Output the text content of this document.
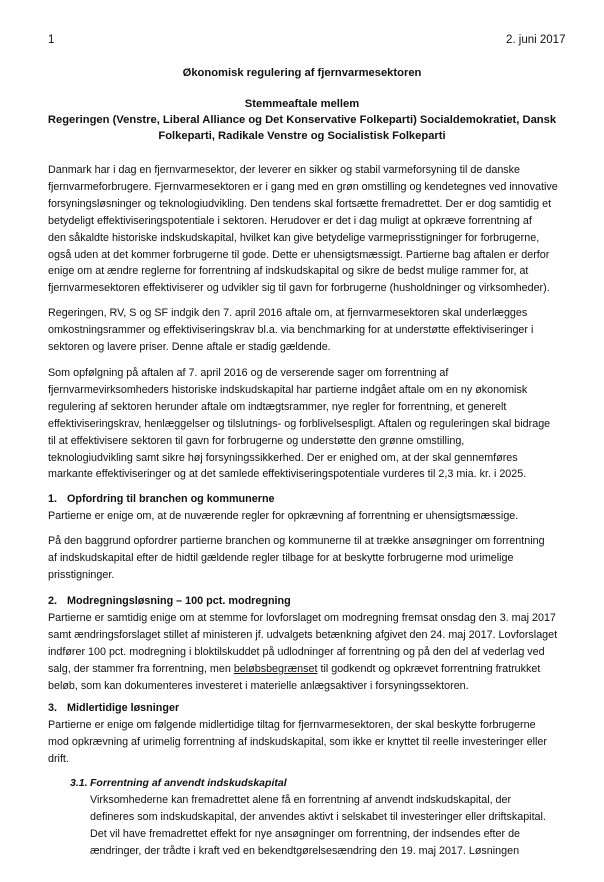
1	2. juni 2017
Økonomisk regulering af fjernvarmesektoren
Stemmeaftale mellem
Regeringen (Venstre, Liberal Alliance og Det Konservative Folkeparti) Socialdemokratiet, Dansk
Folkeparti, Radikale Venstre og Socialistisk Folkeparti
Danmark har i dag en fjernvarmesektor, der leverer en sikker og stabil varmeforsyning til de danske
fjernvarmeforbrugere. Fjernvarmesektoren er i gang med en grøn omstilling og kendetegnes ved innovative
forsyningsløsninger og teknologiudvikling. Den tendens skal fortsætte fremadrettet. Der er dog samtidig et
betydeligt effektiviseringspotentiale i sektoren. Herudover er det i dag muligt at opkræve forrentning af
den såkaldte historiske indskudskapital, hvilket kan give betydelige varmeprisstigninger for forbrugerne,
også uden at det kommer forbrugerne til gode. Dette er uhensigtsmæssigt. Partierne bag aftalen er derfor
enige om at ændre reglerne for forrentning af indskudskapital og sikre de bedst mulige rammer for, at
fjernvarmesektoren effektiviserer og udvikler sig til gavn for forbrugerne (husholdninger og virksomheder).
Regeringen, RV, S og SF indgik den 7. april 2016 aftale om, at fjernvarmesektoren skal underlægges
omkostningsrammer og effektiviseringskrav bl.a. via benchmarking for at understøtte effektiviseringer i
sektoren og lavere priser. Denne aftale er stadig gældende.
Som opfølgning på aftalen af 7. april 2016 og de verserende sager om forrentning af
fjernvarmevirksomheders historiske indskudskapital har partierne indgået aftale om en ny økonomisk
regulering af sektoren herunder aftale om indtægtsrammer, nye regler for forrentning, et generelt
effektiviseringskrav, henlæggelser og tilslutnings- og forblivelsespligt. Aftalen og reguleringen skal bidrage
til at effektivisere sektoren til gavn for forbrugerne og understøtte den grønne omstilling,
teknologiudvikling samt sikre høj forsyningssikkerhed. Der er enighed om, at der skal gennemføres
markante effektiviseringer og at det samlede effektiviseringspotentiale vurderes til 2,3 mia. kr. i 2025.
1. Opfordring til branchen og kommunerne
Partierne er enige om, at de nuværende regler for opkrævning af forrentning er uhensigtsmæssige.
På den baggrund opfordrer partierne branchen og kommunerne til at trække ansøgninger om forrentning
af indskudskapital efter de hidtil gældende regler tilbage for at beskytte forbrugerne mod urimelige
prisstigninger.
2. Modregningsløsning – 100 pct. modregning
Partierne er samtidig enige om at stemme for lovforslaget om modregning fremsat onsdag den 3. maj 2017
samt ændringsforslaget stillet af ministeren jf. udvalgets betænkning afgivet den 24. maj 2017. Lovforslaget
indfører 100 pct. modregning i bloktilskuddet på udlodninger af forrentning og på den del af vederlag ved
salg, der stammer fra forrentning, men beløbsbegrænset til godkendt og opkrævet forrentning fratrukket
beløb, som kan dokumenteres investeret i materielle anlægsaktiver i forsyningssektoren.
3. Midlertidige løsninger
Partierne er enige om følgende midlertidige tiltag for fjernvarmesektoren, der skal beskytte forbrugerne
mod opkrævning af urimelig forrentning af indskudskapital, som ikke er knyttet til reelle investeringer eller
drift.
3.1. Forrentning af anvendt indskudskapital
Virksomhederne kan fremadrettet alene få en forrentning af anvendt indskudskapital, der
defineres som indskudskapital, der anvendes aktivt i selskabet til investeringer eller driftskapital.
Det vil have fremadrettet effekt for nye ansøgninger om forrentning, der indsendes efter de
ændringer, der trådte i kraft ved en bekendtgørelsesændring den 19. maj 2017. Løsningen
